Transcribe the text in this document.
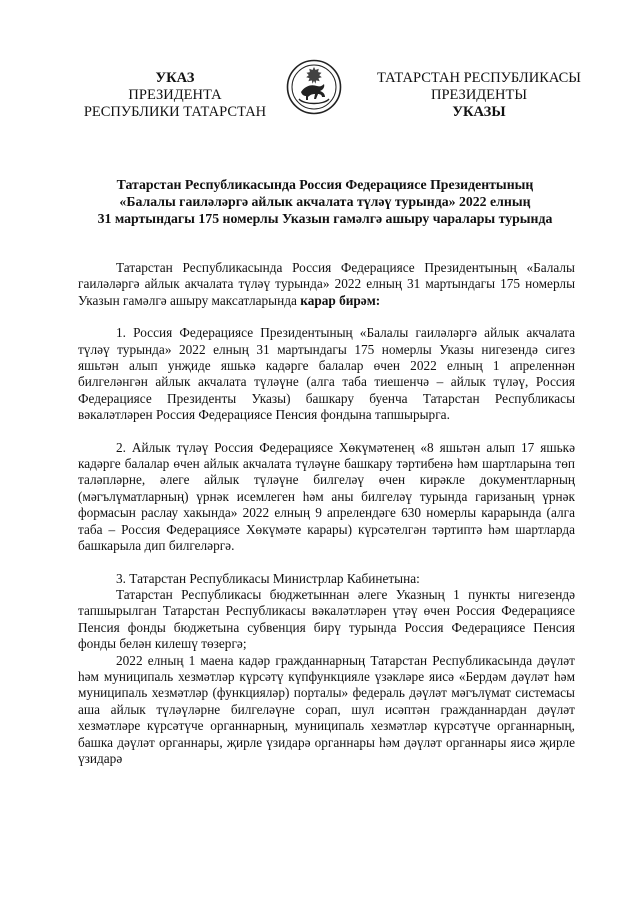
УКАЗ
ПРЕЗИДЕНТА
РЕСПУБЛИКИ ТАТАРСТАН
ТАТАРСТАН РЕСПУБЛИКАСЫ
ПРЕЗИДЕНТЫ
УКАЗЫ
Татарстан Республикасында Россия Федерациясе Президентының
«Балалы гаиләләргә айлык акчалата түләү турында» 2022 елның
31 мартындагы 175 номерлы Указын гамәлгә ашыру чаралары турында

Татарстан Республикасында Россия Федерациясе Президентының «Балалы гаиләләргә айлык акчалата түләү турында» 2022 елның 31 мартындагы 175 номерлы Указын гамәлгә ашыру максатларында карар бирәм:

1. Россия Федерациясе Президентының «Балалы гаиләләргә айлык акчалата түләү турында» 2022 елның 31 мартындагы 175 номерлы Указы нигезендә сигез яшьтән алып унҗиде яшькә кадәрге балалар өчен 2022 елның 1 апреленнән билгеләнгән айлык акчалата түләүне (алга таба тиешенчә – айлык түләү, Россия Федерациясе Президенты Указы) башкару буенча Татарстан Республикасы вәкаләтләрен Россия Федерациясе Пенсия фондына тапшырырга.

2. Айлык түләү Россия Федерациясе Хөкүмәтенең «8 яшьтән алып 17 яшькә кадәрге балалар өчен айлык акчалата түләүне башкару тәртибенә һәм шартларына төп таләпләрне, әлеге айлык түләүне билгеләү өчен кирәкле документларның (мәгълүматларның) үрнәк исемлеген һәм аны билгеләү турында гаризаның үрнәк формасын раслау хакында» 2022 елның 9 апрелендәге 630 номерлы карарында (алга таба – Россия Федерациясе Хөкүмәте карары) күрсәтелгән тәртиптә һәм шартларда башкарыла дип билгеләргә.

3. Татарстан Республикасы Министрлар Кабинетына:

Татарстан Республикасы бюджетыннан әлеге Указның 1 пункты нигезендә тапшырылган Татарстан Республикасы вәкаләтләрен үтәү өчен Россия Федерациясе Пенсия фонды бюджетына субвенция бирү турында Россия Федерациясе Пенсия фонды белән килешү төзергә;

2022 елның 1 маена кадәр гражданнарның Татарстан Республикасында дәүләт һәм муниципаль хезмәтләр күрсәтү күпфункцияле үзәкләре яисә «Бердәм дәүләт һәм муниципаль хезмәтләр (функцияләр) порталы» федераль дәүләт мәгълүмат системасы аша айлык түләүләрне билгеләүне сорап, шул исәптән гражданнардан дәүләт хезмәтләре күрсәтүче органнарның, муниципаль хезмәтләр күрсәтүче органнарның, башка дәүләт органнары, җирле үзидарә органнары һәм дәүләт органнары яисә җирле үзидарә
